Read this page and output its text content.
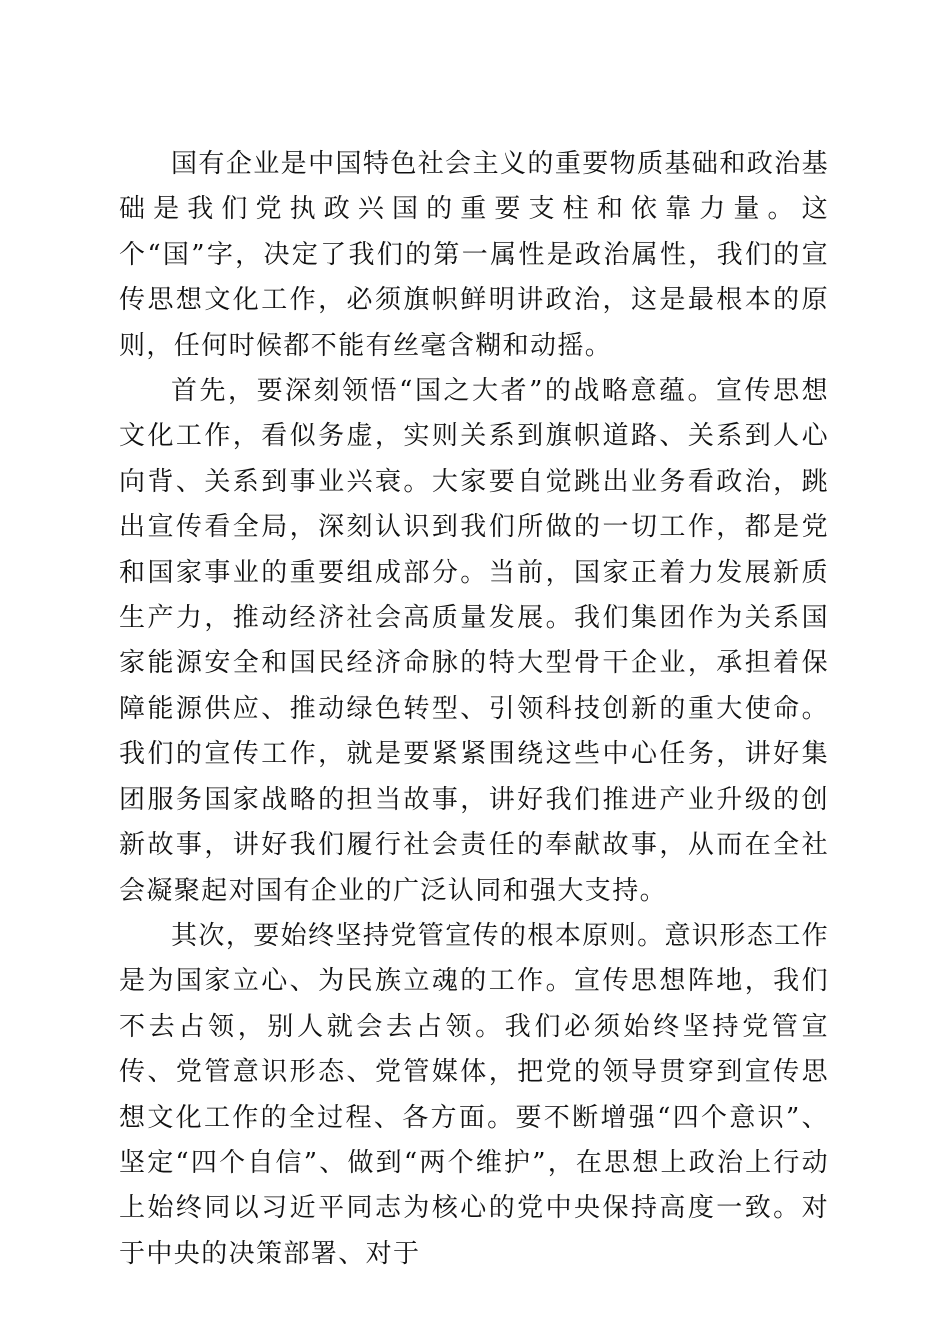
国有企业是中国特色社会主义的重要物质基础和政治基础是我们党执政兴国的重要支柱和依靠力量。这个“国”字，决定了我们的第一属性是政治属性，我们的宣传思想文化工作，必须旗帜鲜明讲政治，这是最根本的原则，任何时候都不能有丝毫含糊和动摇。

首先，要深刻领悟“国之大者”的战略意蕴。宣传思想文化工作，看似务虚，实则关系到旗帜道路、关系到人心向背、关系到事业兴衰。大家要自觉跳出业务看政治，跳出宣传看全局，深刻认识到我们所做的一切工作，都是党和国家事业的重要组成部分。当前，国家正着力发展新质生产力，推动经济社会高质量发展。我们集团作为关系国家能源安全和国民经济命脉的特大型骨干企业，承担着保障能源供应、推动绿色转型、引领科技创新的重大使命。我们的宣传工作，就是要紧紧围绕这些中心任务，讲好集团服务国家战略的担当故事，讲好我们推进产业升级的创新故事，讲好我们履行社会责任的奉献故事，从而在全社会凝聚起对国有企业的广泛认同和强大支持。

其次，要始终坚持党管宣传的根本原则。意识形态工作是为国家立心、为民族立魂的工作。宣传思想阵地，我们不去占领，别人就会去占领。我们必须始终坚持党管宣传、党管意识形态、党管媒体，把党的领导贯穿到宣传思想文化工作的全过程、各方面。要不断增强“四个意识”、坚定“四个自信”、做到“两个维护”，在思想上政治上行动上始终同以习近平同志为核心的党中央保持高度一致。对于中央的决策部署、对于
